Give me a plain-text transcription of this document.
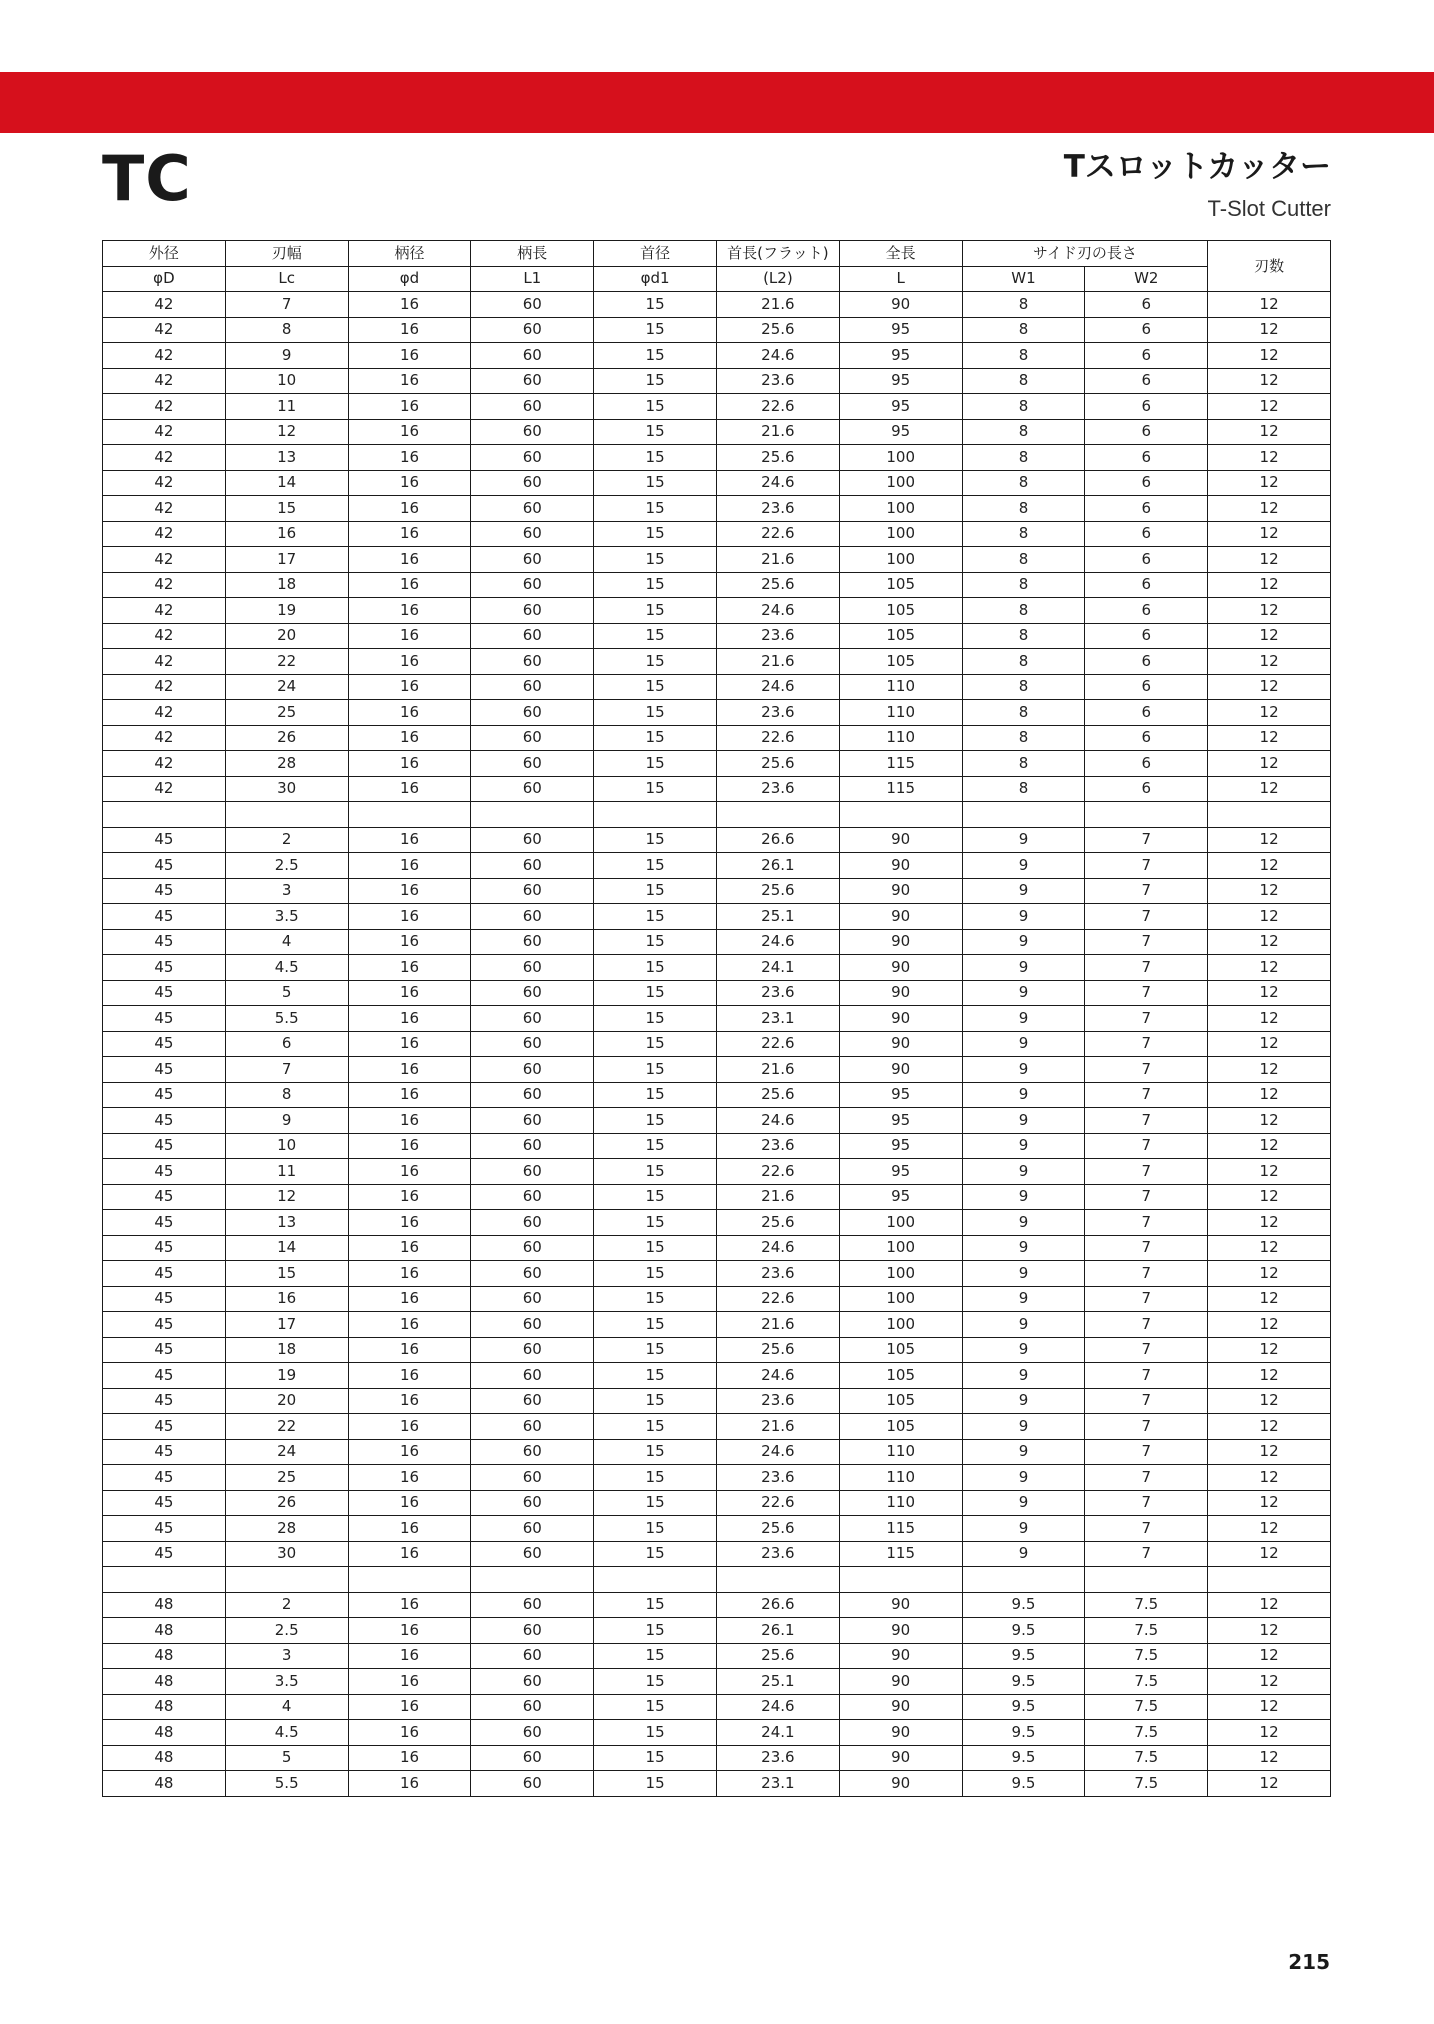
TC	Tスロットカッター
T-Slot Cutter
外径	刃幅	柄径	柄長	首径	首長(フラット)	全長	サイド刃の長さ		刃数
φD	Lc	φd	L1	φd1	(L2)	L	W1	W2	
42	7	16	60	15	21.6	90	8	6	12
42	8	16	60	15	25.6	95	8	6	12
42	9	16	60	15	24.6	95	8	6	12
42	10	16	60	15	23.6	95	8	6	12
42	11	16	60	15	22.6	95	8	6	12
42	12	16	60	15	21.6	95	8	6	12
42	13	16	60	15	25.6	100	8	6	12
42	14	16	60	15	24.6	100	8	6	12
42	15	16	60	15	23.6	100	8	6	12
42	16	16	60	15	22.6	100	8	6	12
42	17	16	60	15	21.6	100	8	6	12
42	18	16	60	15	25.6	105	8	6	12
42	19	16	60	15	24.6	105	8	6	12
42	20	16	60	15	23.6	105	8	6	12
42	22	16	60	15	21.6	105	8	6	12
42	24	16	60	15	24.6	110	8	6	12
42	25	16	60	15	23.6	110	8	6	12
42	26	16	60	15	22.6	110	8	6	12
42	28	16	60	15	25.6	115	8	6	12
42	30	16	60	15	23.6	115	8	6	12

45	2	16	60	15	26.6	90	9	7	12
45	2.5	16	60	15	26.1	90	9	7	12
45	3	16	60	15	25.6	90	9	7	12
45	3.5	16	60	15	25.1	90	9	7	12
45	4	16	60	15	24.6	90	9	7	12
45	4.5	16	60	15	24.1	90	9	7	12
45	5	16	60	15	23.6	90	9	7	12
45	5.5	16	60	15	23.1	90	9	7	12
45	6	16	60	15	22.6	90	9	7	12
45	7	16	60	15	21.6	90	9	7	12
45	8	16	60	15	25.6	95	9	7	12
45	9	16	60	15	24.6	95	9	7	12
45	10	16	60	15	23.6	95	9	7	12
45	11	16	60	15	22.6	95	9	7	12
45	12	16	60	15	21.6	95	9	7	12
45	13	16	60	15	25.6	100	9	7	12
45	14	16	60	15	24.6	100	9	7	12
45	15	16	60	15	23.6	100	9	7	12
45	16	16	60	15	22.6	100	9	7	12
45	17	16	60	15	21.6	100	9	7	12
45	18	16	60	15	25.6	105	9	7	12
45	19	16	60	15	24.6	105	9	7	12
45	20	16	60	15	23.6	105	9	7	12
45	22	16	60	15	21.6	105	9	7	12
45	24	16	60	15	24.6	110	9	7	12
45	25	16	60	15	23.6	110	9	7	12
45	26	16	60	15	22.6	110	9	7	12
45	28	16	60	15	25.6	115	9	7	12
45	30	16	60	15	23.6	115	9	7	12

48	2	16	60	15	26.6	90	9.5	7.5	12
48	2.5	16	60	15	26.1	90	9.5	7.5	12
48	3	16	60	15	25.6	90	9.5	7.5	12
48	3.5	16	60	15	25.1	90	9.5	7.5	12
48	4	16	60	15	24.6	90	9.5	7.5	12
48	4.5	16	60	15	24.1	90	9.5	7.5	12
48	5	16	60	15	23.6	90	9.5	7.5	12
48	5.5	16	60	15	23.1	90	9.5	7.5	12
215
